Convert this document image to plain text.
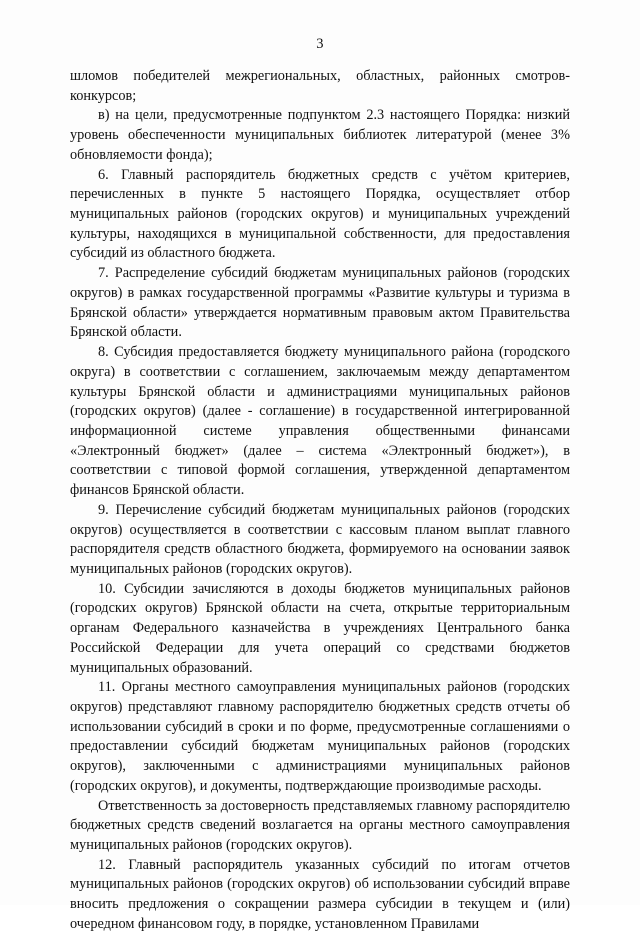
3

шломов победителей межрегиональных, областных, районных смотров-конкурсов;

в) на цели, предусмотренные подпунктом 2.3 настоящего Порядка: низкий уровень обеспеченности муниципальных библиотек литературой (менее 3% обновляемости фонда);

6. Главный распорядитель бюджетных средств с учётом критериев, перечисленных в пункте 5 настоящего Порядка, осуществляет отбор муниципальных районов (городских округов) и муниципальных учреждений культуры, находящихся в муниципальной собственности, для предоставления субсидий из областного бюджета.

7. Распределение субсидий бюджетам муниципальных районов (городских округов) в рамках государственной программы «Развитие культуры и туризма в Брянской области» утверждается нормативным правовым актом Правительства Брянской области.

8. Субсидия предоставляется бюджету муниципального района (городского округа) в соответствии с соглашением, заключаемым между департаментом культуры Брянской области и администрациями муниципальных районов (городских округов) (далее - соглашение) в государственной интегрированной информационной системе управления общественными финансами «Электронный бюджет» (далее – система «Электронный бюджет»), в соответствии с типовой формой соглашения, утвержденной департаментом финансов Брянской области.

9. Перечисление субсидий бюджетам муниципальных районов (городских округов) осуществляется в соответствии с кассовым планом выплат главного распорядителя средств областного бюджета, формируемого на основании заявок муниципальных районов (городских округов).

10. Субсидии зачисляются в доходы бюджетов муниципальных районов (городских округов) Брянской области на счета, открытые территориальным органам Федерального казначейства в учреждениях Центрального банка Российской Федерации для учета операций со средствами бюджетов муниципальных образований.

11. Органы местного самоуправления муниципальных районов (городских округов) представляют главному распорядителю бюджетных средств отчеты об использовании субсидий в сроки и по форме, предусмотренные соглашениями о предоставлении субсидий бюджетам муниципальных районов (городских округов), заключенными с администрациями муниципальных районов (городских округов), и документы, подтверждающие производимые расходы.

Ответственность за достоверность представляемых главному распорядителю бюджетных средств сведений возлагается на органы местного самоуправления муниципальных районов (городских округов).

12. Главный распорядитель указанных субсидий по итогам отчетов муниципальных районов (городских округов) об использовании субсидий вправе вносить предложения о сокращении размера субсидии в текущем и (или) очередном финансовом году, в порядке, установленном Правилами
